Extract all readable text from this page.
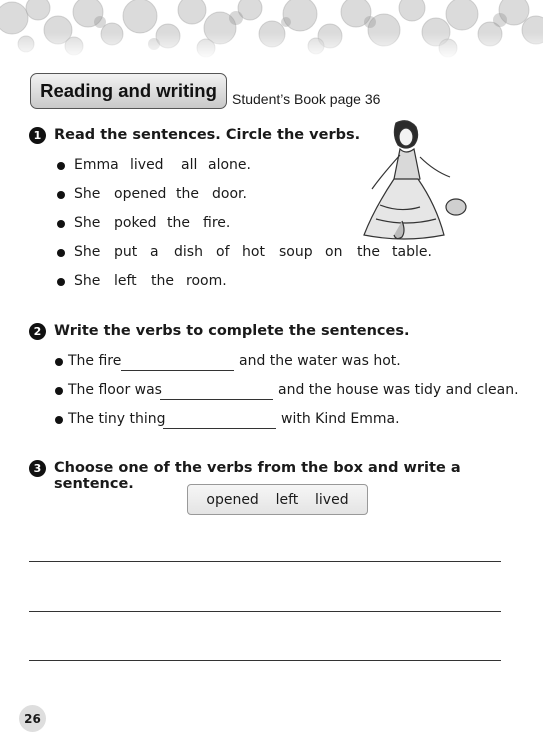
Reading and writing	Student’s Book page 36
1 Read the sentences. Circle the verbs.
Emma lived	all alone.
She opened the door.
She poked the fire.
She put a	dish of hot	soup on	the table.
She left	the room.
2 Write the verbs to complete the sentences.
The fire	and the water was hot.
The floor was	and the house was tidy and clean.
The tiny thing	with Kind Emma.
3 Choose one of the verbs from the box and write a sentence.
opened left lived
26
